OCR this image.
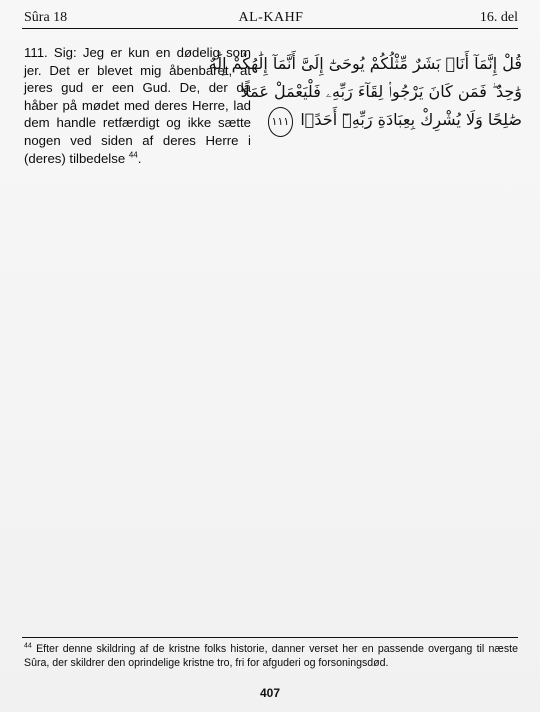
Sûra 18	AL-KAHF	16. del
111. Sig: Jeg er kun en dødelig som jer. Det er blevet mig åbenbaret, at jeres gud er een Gud. De, der da håber på mødet med deres Herre, lad dem handle retfærdigt og ikke sætte nogen ved siden af deres Herre i (deres) tilbedelse $^{44}$.
قُلْ إِنَّمَآ أَنَا۠ بَشَرٌ مِّثْلُكُمْ يُوحَىٰٓ إِلَىَّ أَنَّمَآ إِلَٰهُكُمْ إِلَٰهٌ
وَٰحِدٌ ۖ فَمَن كَانَ يَرْجُوا۟ لِقَآءَ رَبِّهِۦ فَلْيَعْمَلْ عَمَلًا
صَٰلِحًا وَلَا يُشْرِكْ بِعِبَادَةِ رَبِّهِۦٓ أَحَدًۢا ١١١
$^{44}$ Efter denne skildring af de kristne folks historie, danner verset her en passende overgang til næste Sûra, der skildrer den oprindelige kristne tro, fri for afguderi og forsoningsdød.
407
